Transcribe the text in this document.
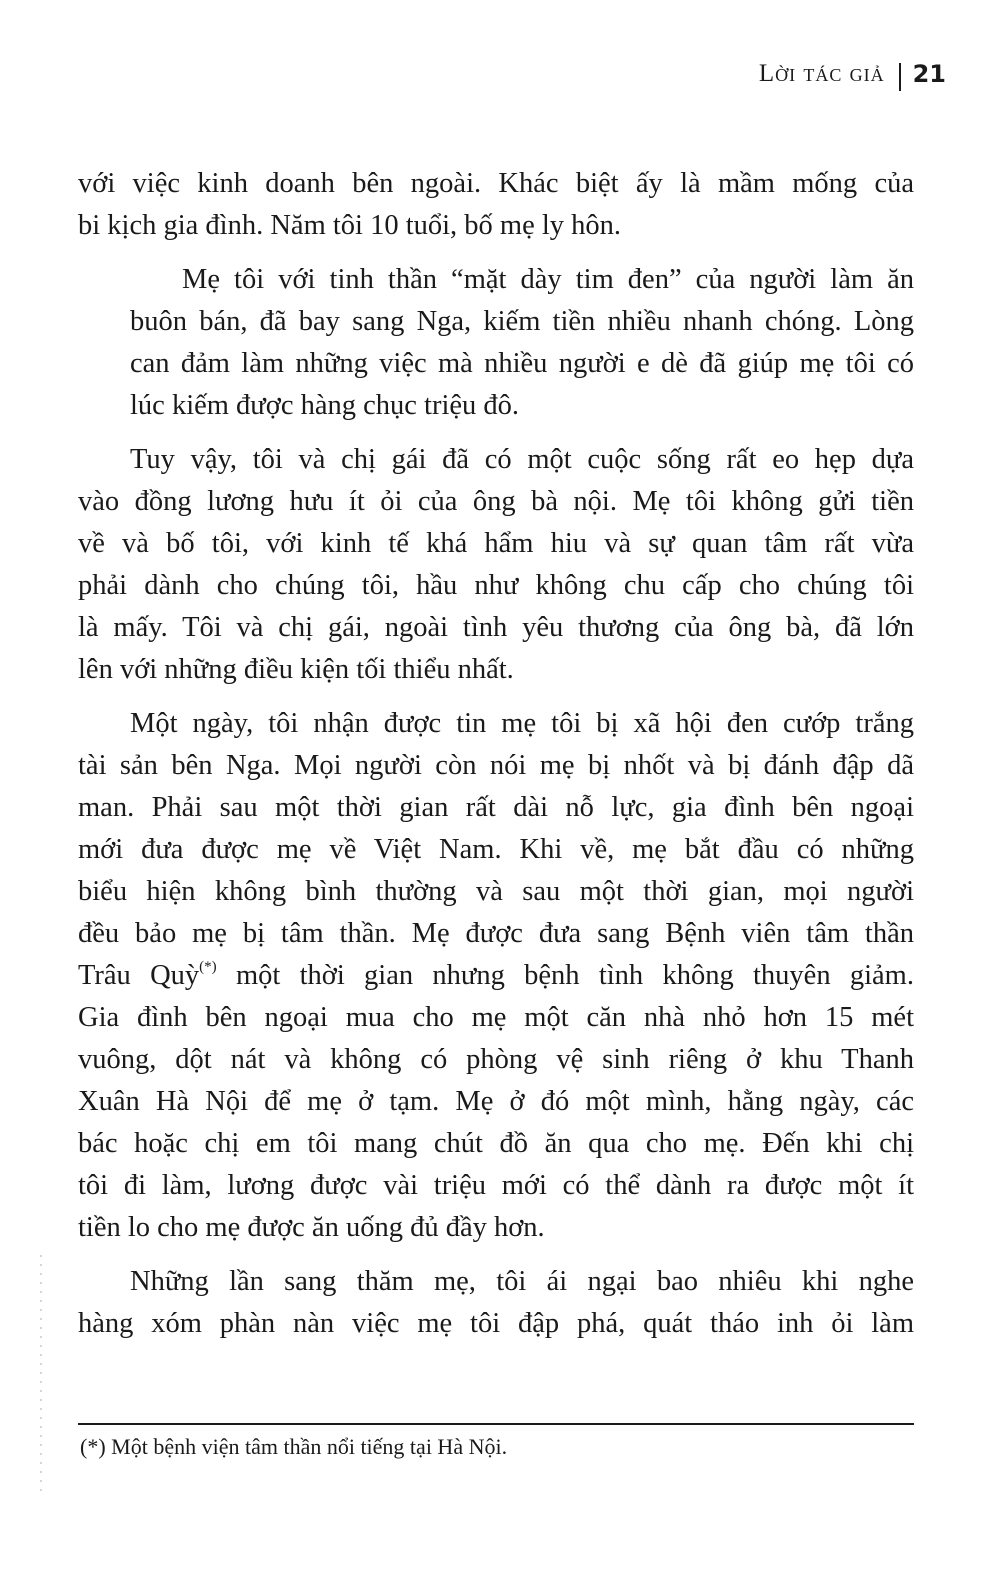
Lời tác giả 21

với việc kinh doanh bên ngoài. Khác biệt ấy là mầm mống của
bi kịch gia đình. Năm tôi 10 tuổi, bố mẹ ly hôn.

Mẹ tôi với tinh thần “mặt dày tim đen” của người làm ăn
buôn bán, đã bay sang Nga, kiếm tiền nhiều nhanh chóng. Lòng
can đảm làm những việc mà nhiều người e dè đã giúp mẹ tôi có
lúc kiếm được hàng chục triệu đô.

Tuy vậy, tôi và chị gái đã có một cuộc sống rất eo hẹp dựa
vào đồng lương hưu ít ỏi của ông bà nội. Mẹ tôi không gửi tiền
về và bố tôi, với kinh tế khá hẩm hiu và sự quan tâm rất vừa
phải dành cho chúng tôi, hầu như không chu cấp cho chúng tôi
là mấy. Tôi và chị gái, ngoài tình yêu thương của ông bà, đã lớn
lên với những điều kiện tối thiểu nhất.

Một ngày, tôi nhận được tin mẹ tôi bị xã hội đen cướp trắng
tài sản bên Nga. Mọi người còn nói mẹ bị nhốt và bị đánh đập dã
man. Phải sau một thời gian rất dài nỗ lực, gia đình bên ngoại
mới đưa được mẹ về Việt Nam. Khi về, mẹ bắt đầu có những
biểu hiện không bình thường và sau một thời gian, mọi người
đều bảo mẹ bị tâm thần. Mẹ được đưa sang Bệnh viên tâm thần
Trâu Quỳ(*) một thời gian nhưng bệnh tình không thuyên giảm.
Gia đình bên ngoại mua cho mẹ một căn nhà nhỏ hơn 15 mét
vuông, dột nát và không có phòng vệ sinh riêng ở khu Thanh
Xuân Hà Nội để mẹ ở tạm. Mẹ ở đó một mình, hằng ngày, các
bác hoặc chị em tôi mang chút đồ ăn qua cho mẹ. Đến khi chị
tôi đi làm, lương được vài triệu mới có thể dành ra được một ít
tiền lo cho mẹ được ăn uống đủ đầy hơn.

Những lần sang thăm mẹ, tôi ái ngại bao nhiêu khi nghe
hàng xóm phàn nàn việc mẹ tôi đập phá, quát tháo inh ỏi làm

(*) Một bệnh viện tâm thần nổi tiếng tại Hà Nội.
